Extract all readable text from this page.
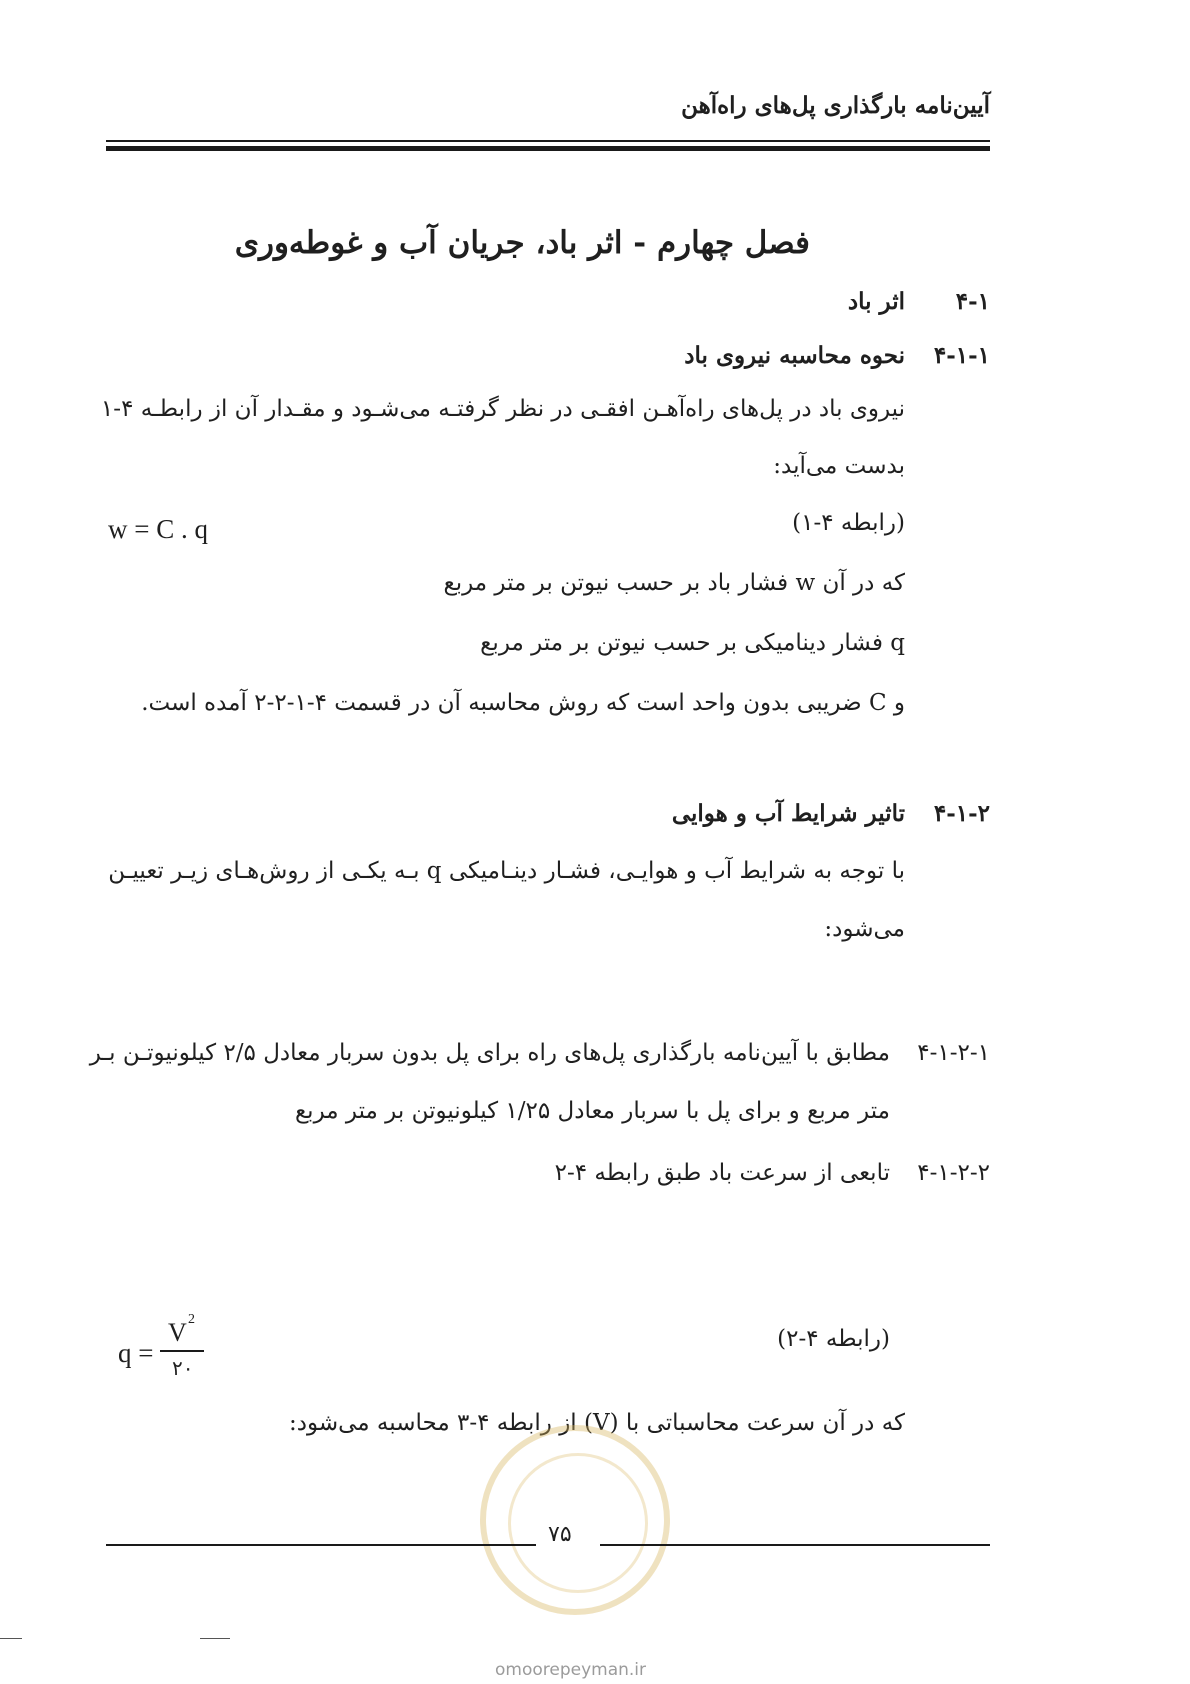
آیین‌نامه بارگذاری پل‌های راه‌آهن
فصل چهارم - اثر باد، جریان آب و غوطه‌وری
۴-۱
اثر باد
۴-۱-۱
نحوه محاسبه نیروی باد
نیروی باد در پل‌های راه‌آهـن افقـی در نظر گرفتـه می‌شـود و مقـدار آن از رابطـه ۴-۱
بدست می‌آید:
(رابطه ۴-۱)
w = C . q
که در آن w فشار باد بر حسب نیوتن بر متر مربع
q فشار دینامیکی بر حسب نیوتن بر متر مربع
و C ضریبی بدون واحد است که روش محاسبه آن در قسمت ۴-۱-۲-۲ آمده است.
۴-۱-۲
تاثیر شرایط آب و هوایی
با توجه به شرایط آب و هوایـی، فشـار دینـامیکی q بـه یکـی از روش‌هـای زیـر تعییـن
می‌شود:
۴-۱-۲-۱
مطابق با آیین‌نامه بارگذاری پل‌های راه برای پل بدون سربار معادل ۲/۵ کیلونیوتـن بـر
متر مربع و برای پل با سربار معادل ۱/۲۵ کیلونیوتن بر متر مربع
۴-۱-۲-۲
تابعی از سرعت باد طبق رابطه ۴-۲
(رابطه ۴-۲)
q =
V 2
۲۰
که در آن سرعت محاسباتی با (V) از رابطه ۴-۳ محاسبه می‌شود:
۷۵
omoorepeyman.ir
